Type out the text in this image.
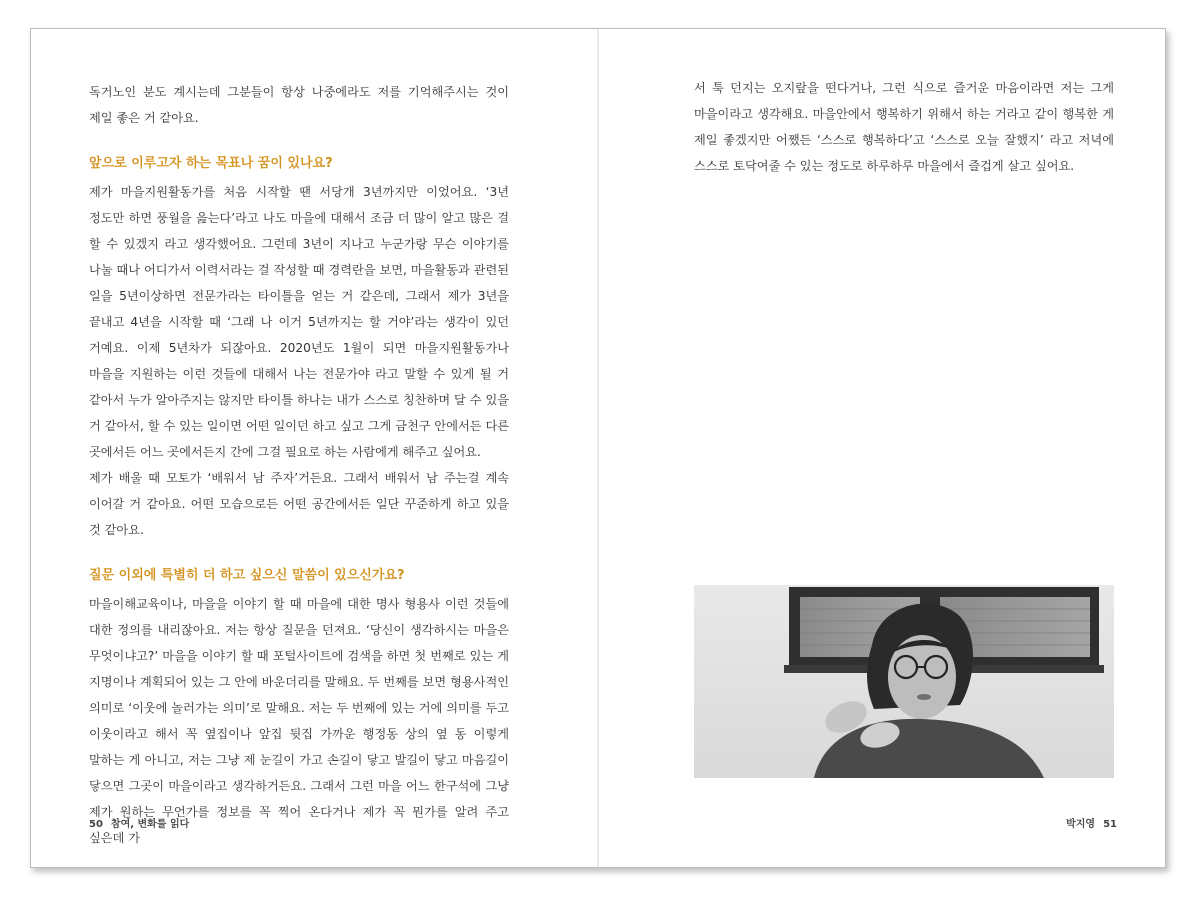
독거노인 분도 계시는데 그분들이 항상 나중에라도 저를 기억해주시는 것이 제일 좋은 거 같아요.

앞으로 이루고자 하는 목표나 꿈이 있나요?

제가 마을지원활동가를 처음 시작할 땐 서당개 3년까지만 이었어요. ‘3년 정도만 하면 풍월을 읊는다’라고 나도 마을에 대해서 조금 더 많이 알고 많은 걸 할 수 있겠지 라고 생각했어요. 그런데 3년이 지나고 누군가랑 무슨 이야기를 나눌 때나 어디가서 이력서라는 걸 작성할 때 경력란을 보면, 마을활동과 관련된 일을 5년이상하면 전문가라는 타이틀을 얻는 거 같은데, 그래서 제가 3년을 끝내고 4년을 시작할 때 ‘그래 나 이거 5년까지는 할 거야’라는 생각이 있던 거예요. 이제 5년차가 되잖아요. 2020년도 1월이 되면 마을지원활동가나 마을을 지원하는 이런 것들에 대해서 나는 전문가야 라고 말할 수 있게 될 거 같아서 누가 알아주지는 않지만 타이틀 하나는 내가 스스로 칭찬하며 달 수 있을 거 같아서, 할 수 있는 일이면 어떤 일이던 하고 싶고 그게 금천구 안에서든 다른 곳에서든 어느 곳에서든지 간에 그걸 필요로 하는 사람에게 해주고 싶어요.

제가 배울 때 모토가 ‘배워서 남 주자’거든요. 그래서 배워서 남 주는걸 계속 이어갈 거 같아요. 어떤 모습으로든 어떤 공간에서든 일단 꾸준하게 하고 있을 것 같아요.

질문 이외에 특별히 더 하고 싶으신 말씀이 있으신가요?

마을이해교육이나, 마을을 이야기 할 때 마을에 대한 명사 형용사 이런 것들에 대한 정의를 내리잖아요. 저는 항상 질문을 던져요. ‘당신이 생각하시는 마을은 무엇이냐고?’ 마을을 이야기 할 때 포털사이트에 검색을 하면 첫 번째로 있는 게 지명이나 계획되어 있는 그 안에 바운더리를 말해요. 두 번째를 보면 형용사적인 의미로 ‘이웃에 놀러가는 의미’로 말해요. 저는 두 번째에 있는 거에 의미를 두고 이웃이라고 해서 꼭 옆집이나 앞집 뒷집 가까운 행정동 상의 옆 동 이렇게 말하는 게 아니고, 저는 그냥 제 눈길이 가고 손길이 닿고 발길이 닿고 마음길이 닿으면 그곳이 마을이라고 생각하거든요. 그래서 그런 마을 어느 한구석에 그냥 제가 원하는 무언가를 정보를 꼭 찍어 온다거나 제가 꼭 뭔가를 알려 주고 싶은데 가

50 참여, 변화를 읽다

서 툭 던지는 오지랖을 떤다거나, 그런 식으로 즐거운 마음이라면 저는 그게 마을이라고 생각해요. 마을안에서 행복하기 위해서 하는 거라고 같이 행복한 게 제일 좋겠지만 어쨌든 ‘스스로 행복하다’고 ‘스스로 오늘 잘했지’ 라고 저녁에 스스로 토닥여줄 수 있는 정도로 하루하루 마을에서 즐겁게 살고 싶어요.

박지영 51
